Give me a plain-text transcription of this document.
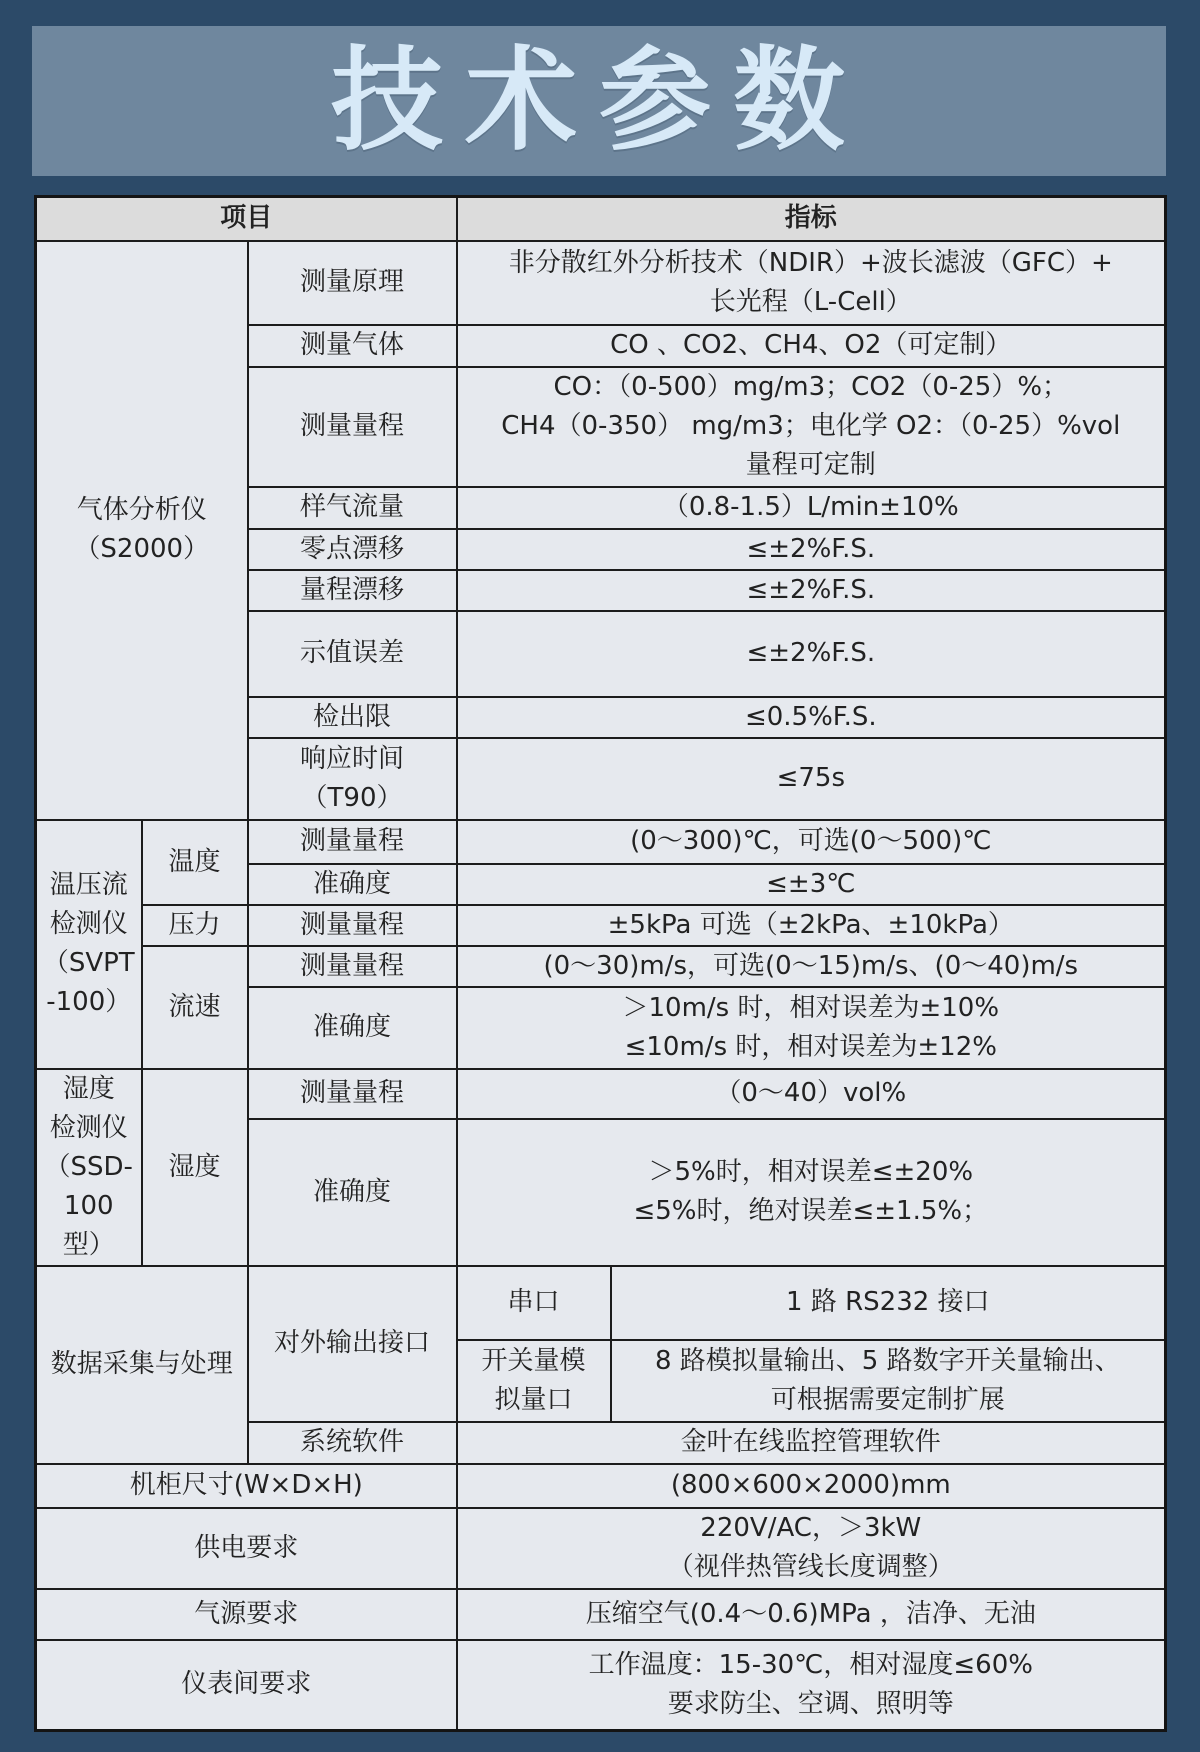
技术参数
项目			指标	

气体分析仪
（S2000）		测量原理	非分散红外分析技术（NDIR）+波长滤波（GFC）+
长光程（L-Cell）	

		测量气体	CO 、CO2、CH4、O2（可定制）	
		测量量程	CO：（0-500）mg/m3；CO2（0-25）%；
CH4（0-350） mg/m3；电化学 O2：（0-25）%vol
量程可定制	

		样气流量	（0.8-1.5）L/min±10%	
		零点漂移	≤±2%F.S.	
		量程漂移	≤±2%F.S.	
		示值误差	≤±2%F.S.	
		检出限	≤0.5%F.S.	

		响应时间
（T90）	≤75s	

温压流
检测仪
（SVPT
-100）	温度	测量量程	(0～300)℃，可选(0～500)℃	
		准确度	≤±3℃	
	压力	测量量程	±5kPa 可选（±2kPa、±10kPa）	
	流速	测量量程	(0～30)m/s，可选(0～15)m/s、(0～40)m/s	
		准确度	＞10m/s 时，相对误差为±10%
≤10m/s 时，相对误差为±12%	

湿度
检测仪
（SSD-
100 型）	湿度	测量量程	（0～40）vol%	
		准确度	＞5%时，相对误差≤±20%
≤5%时，绝对误差≤±1.5%；	

数据采集与处理		对外输出接口	串口	1 路 RS232 接口

			开关量模
拟量口	8 路模拟量输出、5 路数字开关量输出、
可根据需要定制扩展

		系统软件	金叶在线监控管理软件	
机柜尺寸(W×D×H)			(800×600×2000)mm	
供电要求			220V/AC，＞3kW
（视伴热管线长度调整）	

气源要求			压缩空气(0.4～0.6)MPa ，洁净、无油	
仪表间要求			工作温度：15-30℃，相对湿度≤60%
要求防尘、空调、照明等	
